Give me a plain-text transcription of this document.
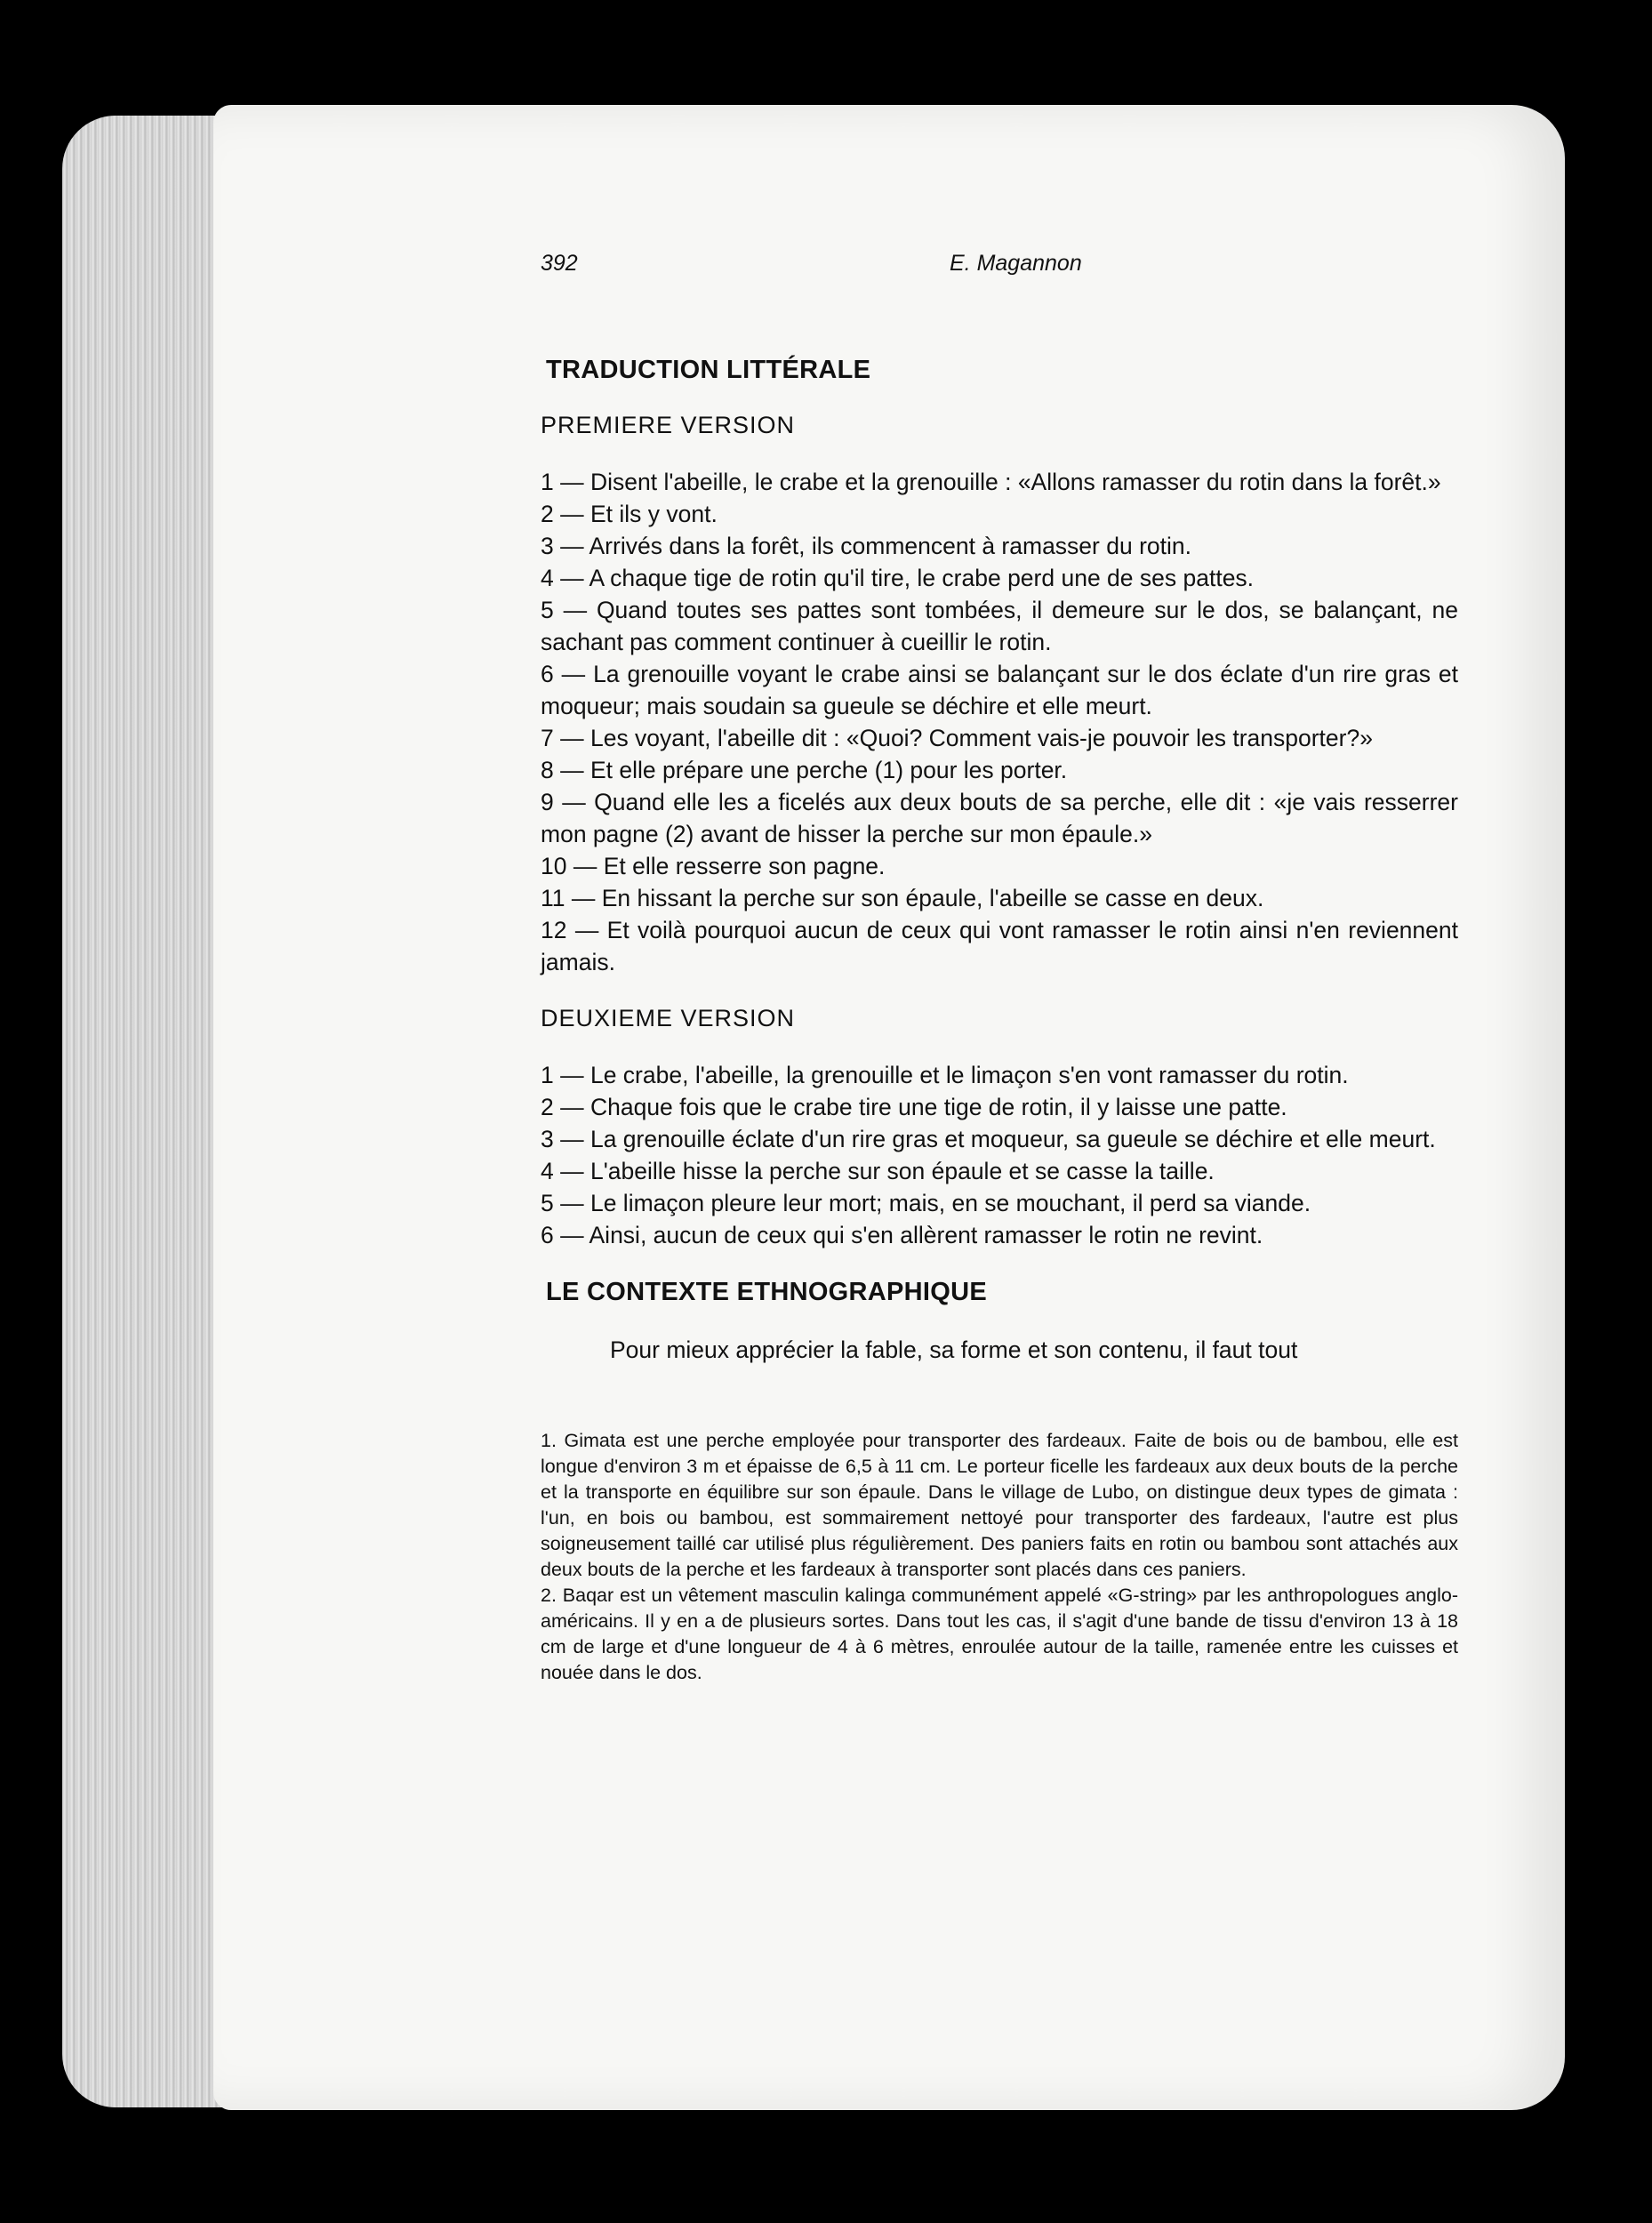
392	E. Magannon
TRADUCTION LITTÉRALE
PREMIERE VERSION
1 — Disent l'abeille, le crabe et la grenouille : «Allons ramasser du rotin dans la forêt.»
2 — Et ils y vont.
3 — Arrivés dans la forêt, ils commencent à ramasser du rotin.
4 — A chaque tige de rotin qu'il tire, le crabe perd une de ses pattes.
5 — Quand toutes ses pattes sont tombées, il demeure sur le dos, se balançant, ne sachant pas comment continuer à cueillir le rotin.
6 — La grenouille voyant le crabe ainsi se balançant sur le dos éclate d'un rire gras et moqueur; mais soudain sa gueule se déchire et elle meurt.
7 — Les voyant, l'abeille dit : «Quoi? Comment vais-je pouvoir les transporter?»
8 — Et elle prépare une perche (1) pour les porter.
9 — Quand elle les a ficelés aux deux bouts de sa perche, elle dit : «je vais resserrer mon pagne (2) avant de hisser la perche sur mon épaule.»
10 — Et elle resserre son pagne.
11 — En hissant la perche sur son épaule, l'abeille se casse en deux.
12 — Et voilà pourquoi aucun de ceux qui vont ramasser le rotin ainsi n'en reviennent jamais.
DEUXIEME VERSION
1 — Le crabe, l'abeille, la grenouille et le limaçon s'en vont ramasser du rotin.
2 — Chaque fois que le crabe tire une tige de rotin, il y laisse une patte.
3 — La grenouille éclate d'un rire gras et moqueur, sa gueule se déchire et elle meurt.
4 — L'abeille hisse la perche sur son épaule et se casse la taille.
5 — Le limaçon pleure leur mort; mais, en se mouchant, il perd sa viande.
6 — Ainsi, aucun de ceux qui s'en allèrent ramasser le rotin ne revint.
LE CONTEXTE ETHNOGRAPHIQUE
Pour mieux apprécier la fable, sa forme et son contenu, il faut tout
1. Gimata est une perche employée pour transporter des fardeaux. Faite de bois ou de bambou, elle est longue d'environ 3 m et épaisse de 6,5 à 11 cm. Le porteur ficelle les fardeaux aux deux bouts de la perche et la transporte en équilibre sur son épaule. Dans le village de Lubo, on distingue deux types de gimata : l'un, en bois ou bambou, est sommairement nettoyé pour transporter des fardeaux, l'autre est plus soigneusement taillé car utilisé plus régulièrement. Des paniers faits en rotin ou bambou sont attachés aux deux bouts de la perche et les fardeaux à transporter sont placés dans ces paniers.
2. Baqar est un vêtement masculin kalinga communément appelé «G-string» par les anthropologues anglo-américains. Il y en a de plusieurs sortes. Dans tout les cas, il s'agit d'une bande de tissu d'environ 13 à 18 cm de large et d'une longueur de 4 à 6 mètres, enroulée autour de la taille, ramenée entre les cuisses et nouée dans le dos.
